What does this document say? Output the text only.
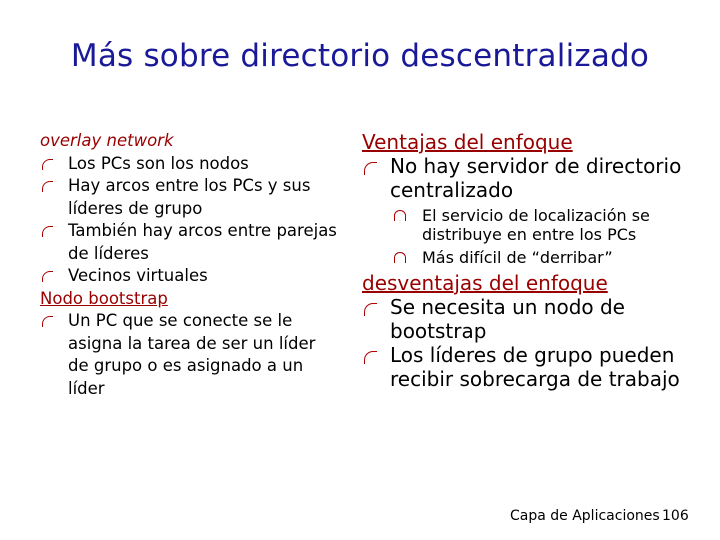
Más sobre directorio descentralizado
overlay network
Los PCs son los nodos
Hay arcos entre los PCs y sus líderes de grupo
También hay arcos entre parejas de líderes
Vecinos virtuales
Nodo bootstrap
Un PC que se conecte se le asigna la tarea de ser un líder de grupo o es asignado a un líder
Ventajas del enfoque
No hay servidor de directorio centralizado
El servicio de localización se distribuye en entre los PCs
Más difícil de “derribar”
desventajas del enfoque
Se necesita un nodo de bootstrap
Los líderes de grupo pueden recibir sobrecarga de trabajo
Capa de Aplicaciones 106
